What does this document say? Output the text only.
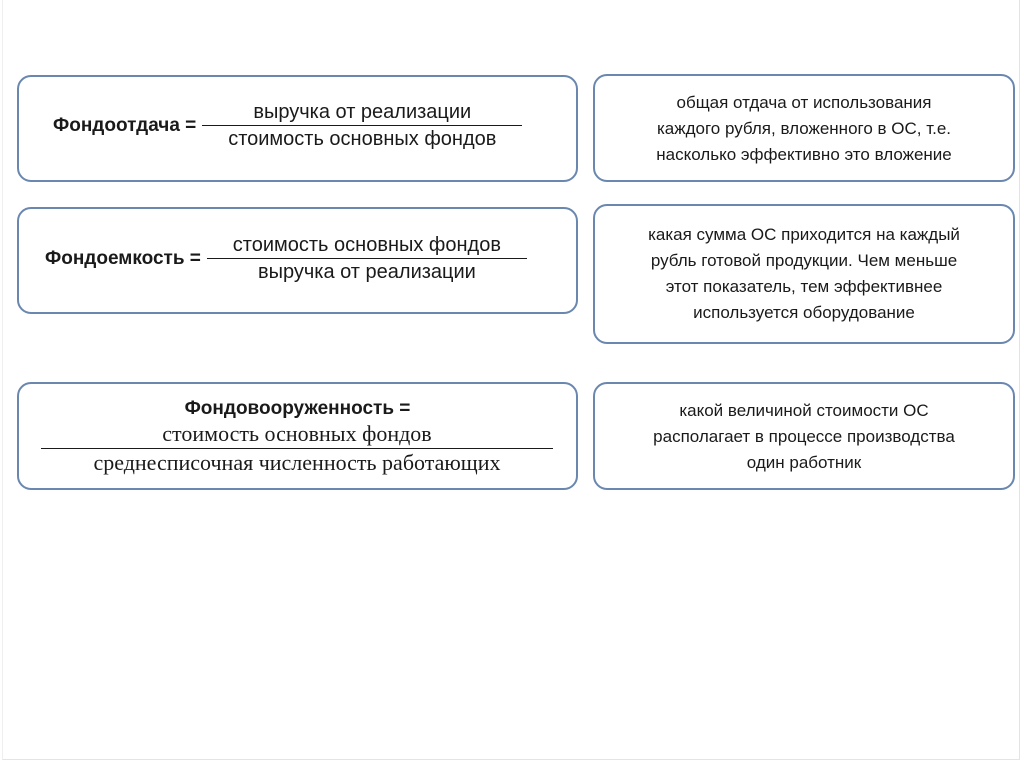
Фондоотдача = $\frac{\text{выручка от реализации}}{\text{стоимость основных фондов}}$	общая отдача от использования
каждого рубля, вложенного в ОС, т.е.
насколько эффективно это вложение
Фондоемкость = $\frac{\text{стоимость основных фондов}}{\text{выручка от реализации}}$	какая сумма ОС приходится на каждый
рубль готовой продукции. Чем меньше
этот показатель, тем эффективнее
используется оборудование
Фондовооруженность =
стоимость основных фондов
среднесписочная численность работающих
какой величиной стоимости ОС
располагает в процессе производства
один работник
